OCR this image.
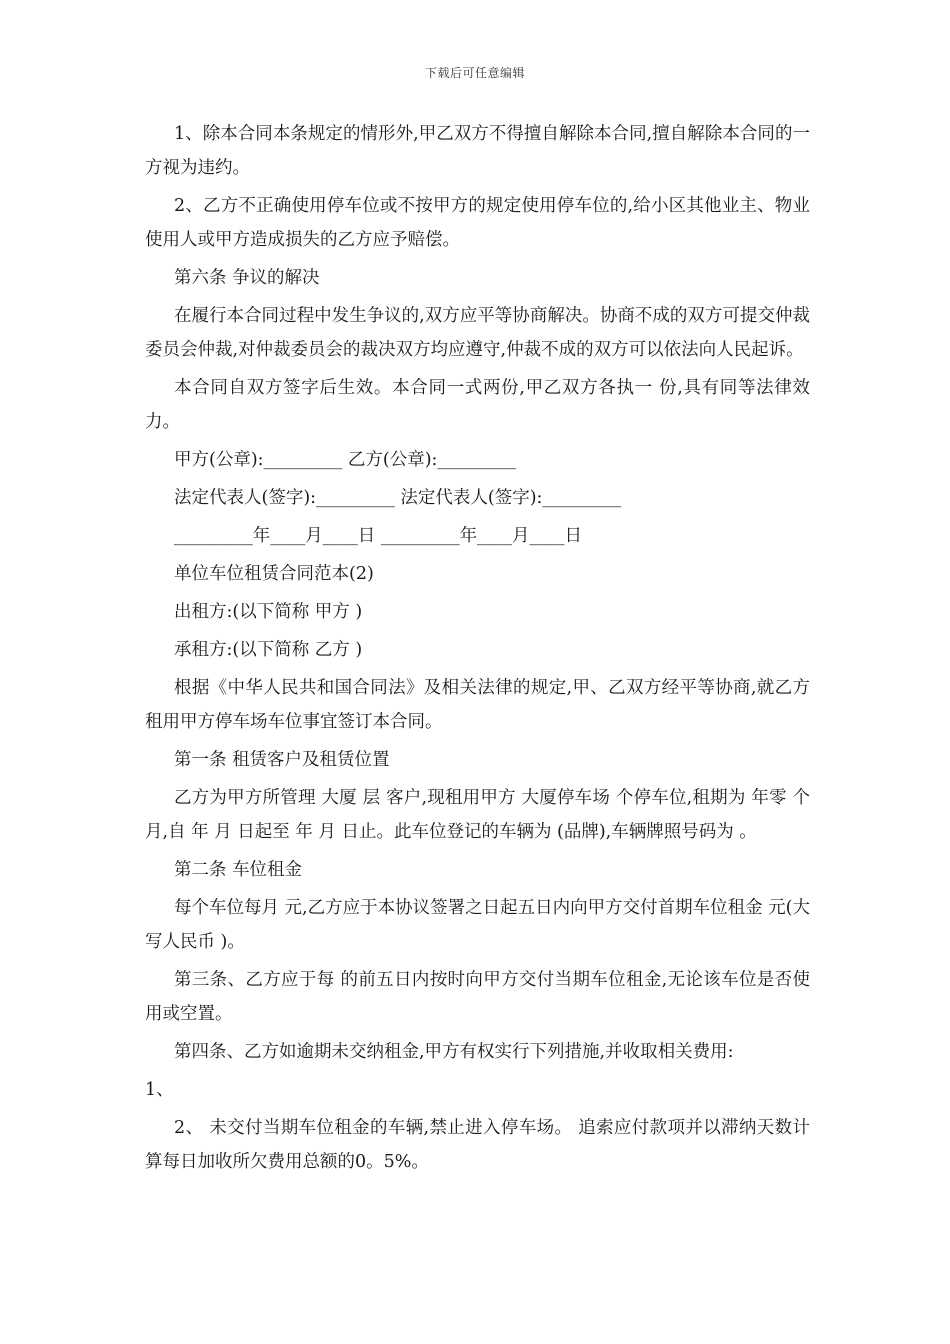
下载后可任意编辑

1、除本合同本条规定的情形外,甲乙双方不得擅自解除本合同,擅自解除本合同的一方视为违约。

2、乙方不正确使用停车位或不按甲方的规定使用停车位的,给小区其他业主、物业使用人或甲方造成损失的乙方应予赔偿。

第六条 争议的解决

在履行本合同过程中发生争议的,双方应平等协商解决。协商不成的双方可提交仲裁委员会仲裁,对仲裁委员会的裁决双方均应遵守,仲裁不成的双方可以依法向人民起诉。

本合同自双方签字后生效。本合同一式两份,甲乙双方各执一 份,具有同等法律效力。

甲方(公章):_________ 乙方(公章):_________

法定代表人(签字):_________ 法定代表人(签字):_________

_________年____月____日 _________年____月____日

单位车位租赁合同范本(2)

出租方:(以下简称 甲方 )

承租方:(以下简称 乙方 )

根据《中华人民共和国合同法》及相关法律的规定,甲、乙双方经平等协商,就乙方租用甲方停车场车位事宜签订本合同。

第一条 租赁客户及租赁位置

乙方为甲方所管理 大厦 层 客户,现租用甲方 大厦停车场 个停车位,租期为 年零 个月,自 年 月 日起至 年 月 日止。此车位登记的车辆为 (品牌),车辆牌照号码为 。

第二条 车位租金

每个车位每月 元,乙方应于本协议签署之日起五日内向甲方交付首期车位租金 元(大写人民币 )。

第三条、乙方应于每 的前五日内按时向甲方交付当期车位租金,无论该车位是否使用或空置。

第四条、乙方如逾期未交纳租金,甲方有权实行下列措施,并收取相关费用:

1、

2、 未交付当期车位租金的车辆,禁止进入停车场。 追索应付款项并以滞纳天数计算每日加收所欠费用总额的0。5%。
